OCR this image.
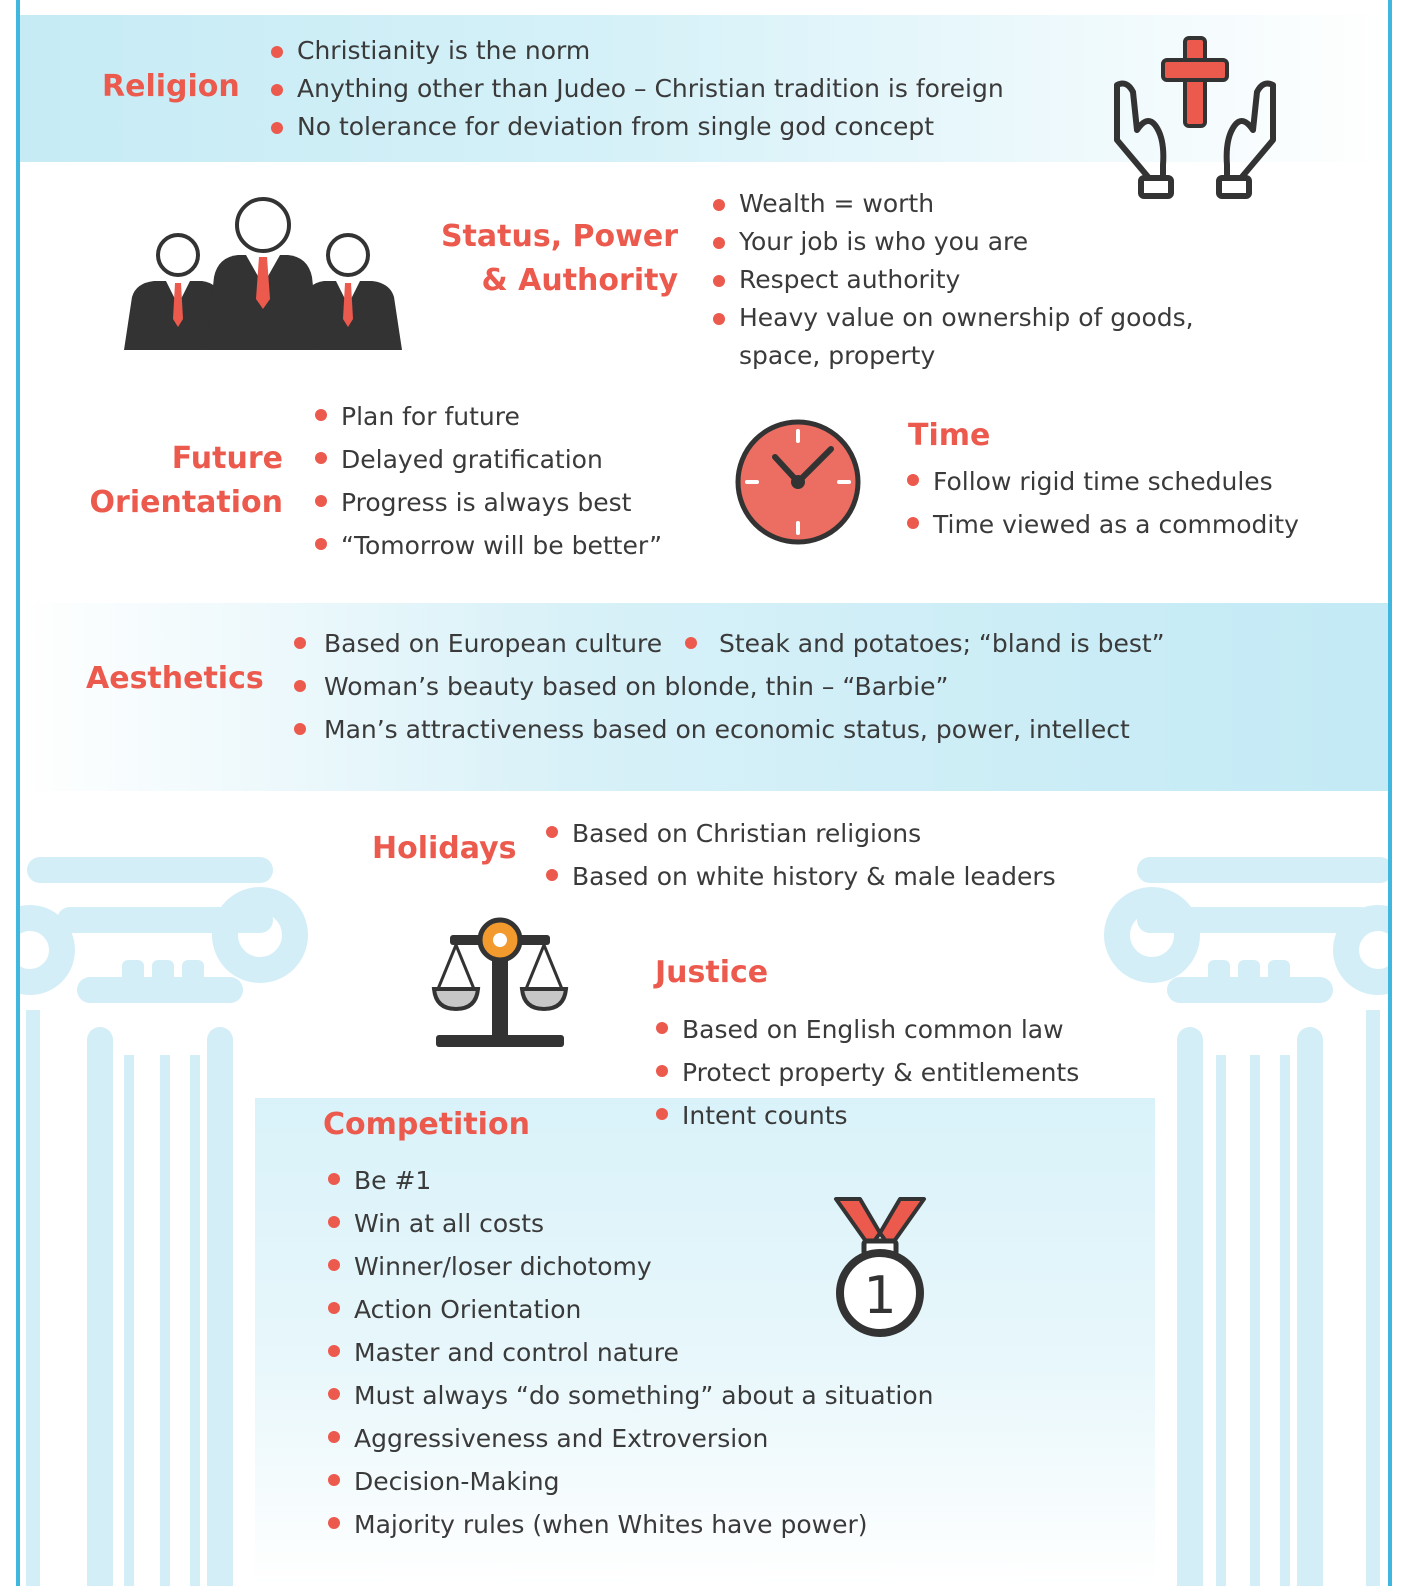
Religion
Christianity is the norm
Anything other than Judeo – Christian tradition is foreign
No tolerance for deviation from single god concept
Status, Power
& Authority
Wealth = worth
Your job is who you are
Respect authority
Heavy value on ownership of goods,
space, property
Future
Orientation
Plan for future
Delayed gratification
Progress is always best
“Tomorrow will be better”
Time
Follow rigid time schedules
Time viewed as a commodity
Aesthetics
Based on European culture	Steak and potatoes; “bland is best”
Woman’s beauty based on blonde, thin – “Barbie”
Man’s attractiveness based on economic status, power, intellect
Holidays	Based on Christian religions
Based on white history & male leaders
Justice
Based on English common law
Protect property & entitlements
Intent counts
Competition
Be #1
Win at all costs
Winner/loser dichotomy
Action Orientation
Master and control nature
Must always “do something” about a situation
Aggressiveness and Extroversion
Decision-Making
Majority rules (when Whites have power)
1
